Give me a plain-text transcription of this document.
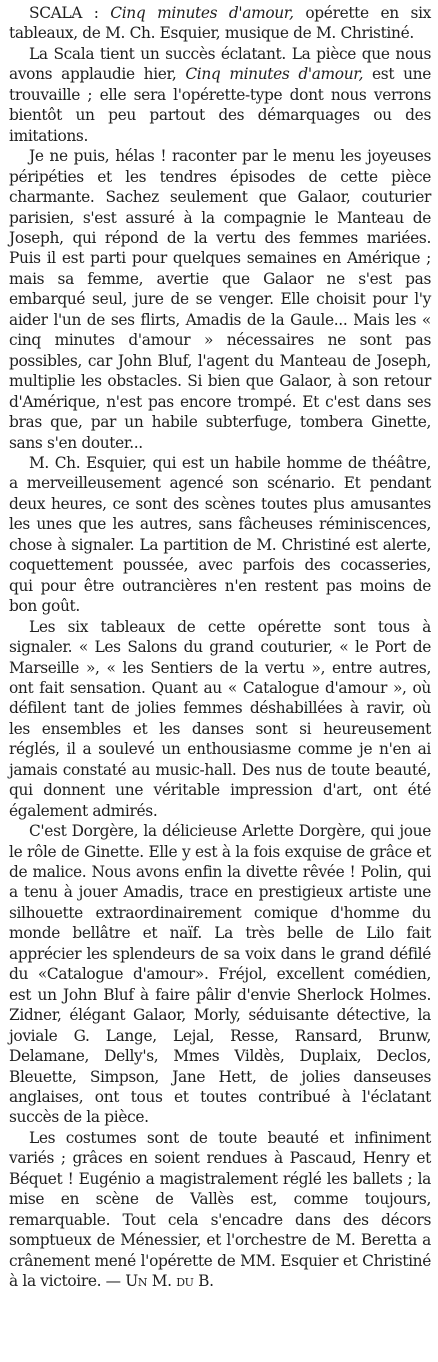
SCALA : Cinq minutes d'amour, opérette en six tableaux, de M. Ch. Esquier, musique de M. Christiné.

La Scala tient un succès éclatant. La pièce que nous avons applaudie hier, Cinq minutes d'amour, est une trouvaille ; elle sera l'opérette-type dont nous verrons bientôt un peu partout des démarquages ou des imitations.

Je ne puis, hélas ! raconter par le menu les joyeuses péripéties et les tendres épisodes de cette pièce charmante. Sachez seulement que Galaor, couturier parisien, s'est assuré à la compagnie le Manteau de Joseph, qui répond de la vertu des femmes mariées. Puis il est parti pour quelques semaines en Amérique ; mais sa femme, avertie que Galaor ne s'est pas embarqué seul, jure de se venger. Elle choisit pour l'y aider l'un de ses flirts, Amadis de la Gaule... Mais les « cinq minutes d'amour » nécessaires ne sont pas possibles, car John Bluf, l'agent du Manteau de Joseph, multiplie les obstacles. Si bien que Galaor, à son retour d'Amérique, n'est pas encore trompé. Et c'est dans ses bras que, par un habile subterfuge, tombera Ginette, sans s'en douter...

M. Ch. Esquier, qui est un habile homme de théâtre, a merveilleusement agencé son scénario. Et pendant deux heures, ce sont des scènes toutes plus amusantes les unes que les autres, sans fâcheuses réminiscences, chose à signaler. La partition de M. Christiné est alerte, coquettement poussée, avec parfois des cocasseries, qui pour être outrancières n'en restent pas moins de bon goût.

Les six tableaux de cette opérette sont tous à signaler. « Les Salons du grand couturier, « le Port de Marseille », « les Sentiers de la vertu », entre autres, ont fait sensation. Quant au « Catalogue d'amour », où défilent tant de jolies femmes déshabillées à ravir, où les ensembles et les danses sont si heureusement réglés, il a soulevé un enthousiasme comme je n'en ai jamais constaté au music-hall. Des nus de toute beauté, qui donnent une véritable impression d'art, ont été également admirés.

C'est Dorgère, la délicieuse Arlette Dorgère, qui joue le rôle de Ginette. Elle y est à la fois exquise de grâce et de malice. Nous avons enfin la divette rêvée ! Polin, qui a tenu à jouer Amadis, trace en prestigieux artiste une silhouette extraordinairement comique d'homme du monde bellâtre et naïf. La très belle de Lilo fait apprécier les splendeurs de sa voix dans le grand défilé du «Catalogue d'amour». Fréjol, excellent comédien, est un John Bluf à faire pâlir d'envie Sherlock Holmes. Zidner, élégant Galaor, Morly, séduisante détective, la joviale G. Lange, Lejal, Resse, Ransard, Brunw, Delamane, Delly's, Mmes Vildès, Duplaix, Declos, Bleuette, Simpson, Jane Hett, de jolies danseuses anglaises, ont tous et toutes contribué à l'éclatant succès de la pièce.

Les costumes sont de toute beauté et infiniment variés ; grâces en soient rendues à Pascaud, Henry et Béquet ! Eugénio a magistralement réglé les ballets ; la mise en scène de Vallès est, comme toujours, remarquable. Tout cela s'encadre dans des décors somptueux de Ménessier, et l'orchestre de M. Beretta a crânement mené l'opérette de MM. Esquier et Christiné à la victoire. — Un M. du B.
